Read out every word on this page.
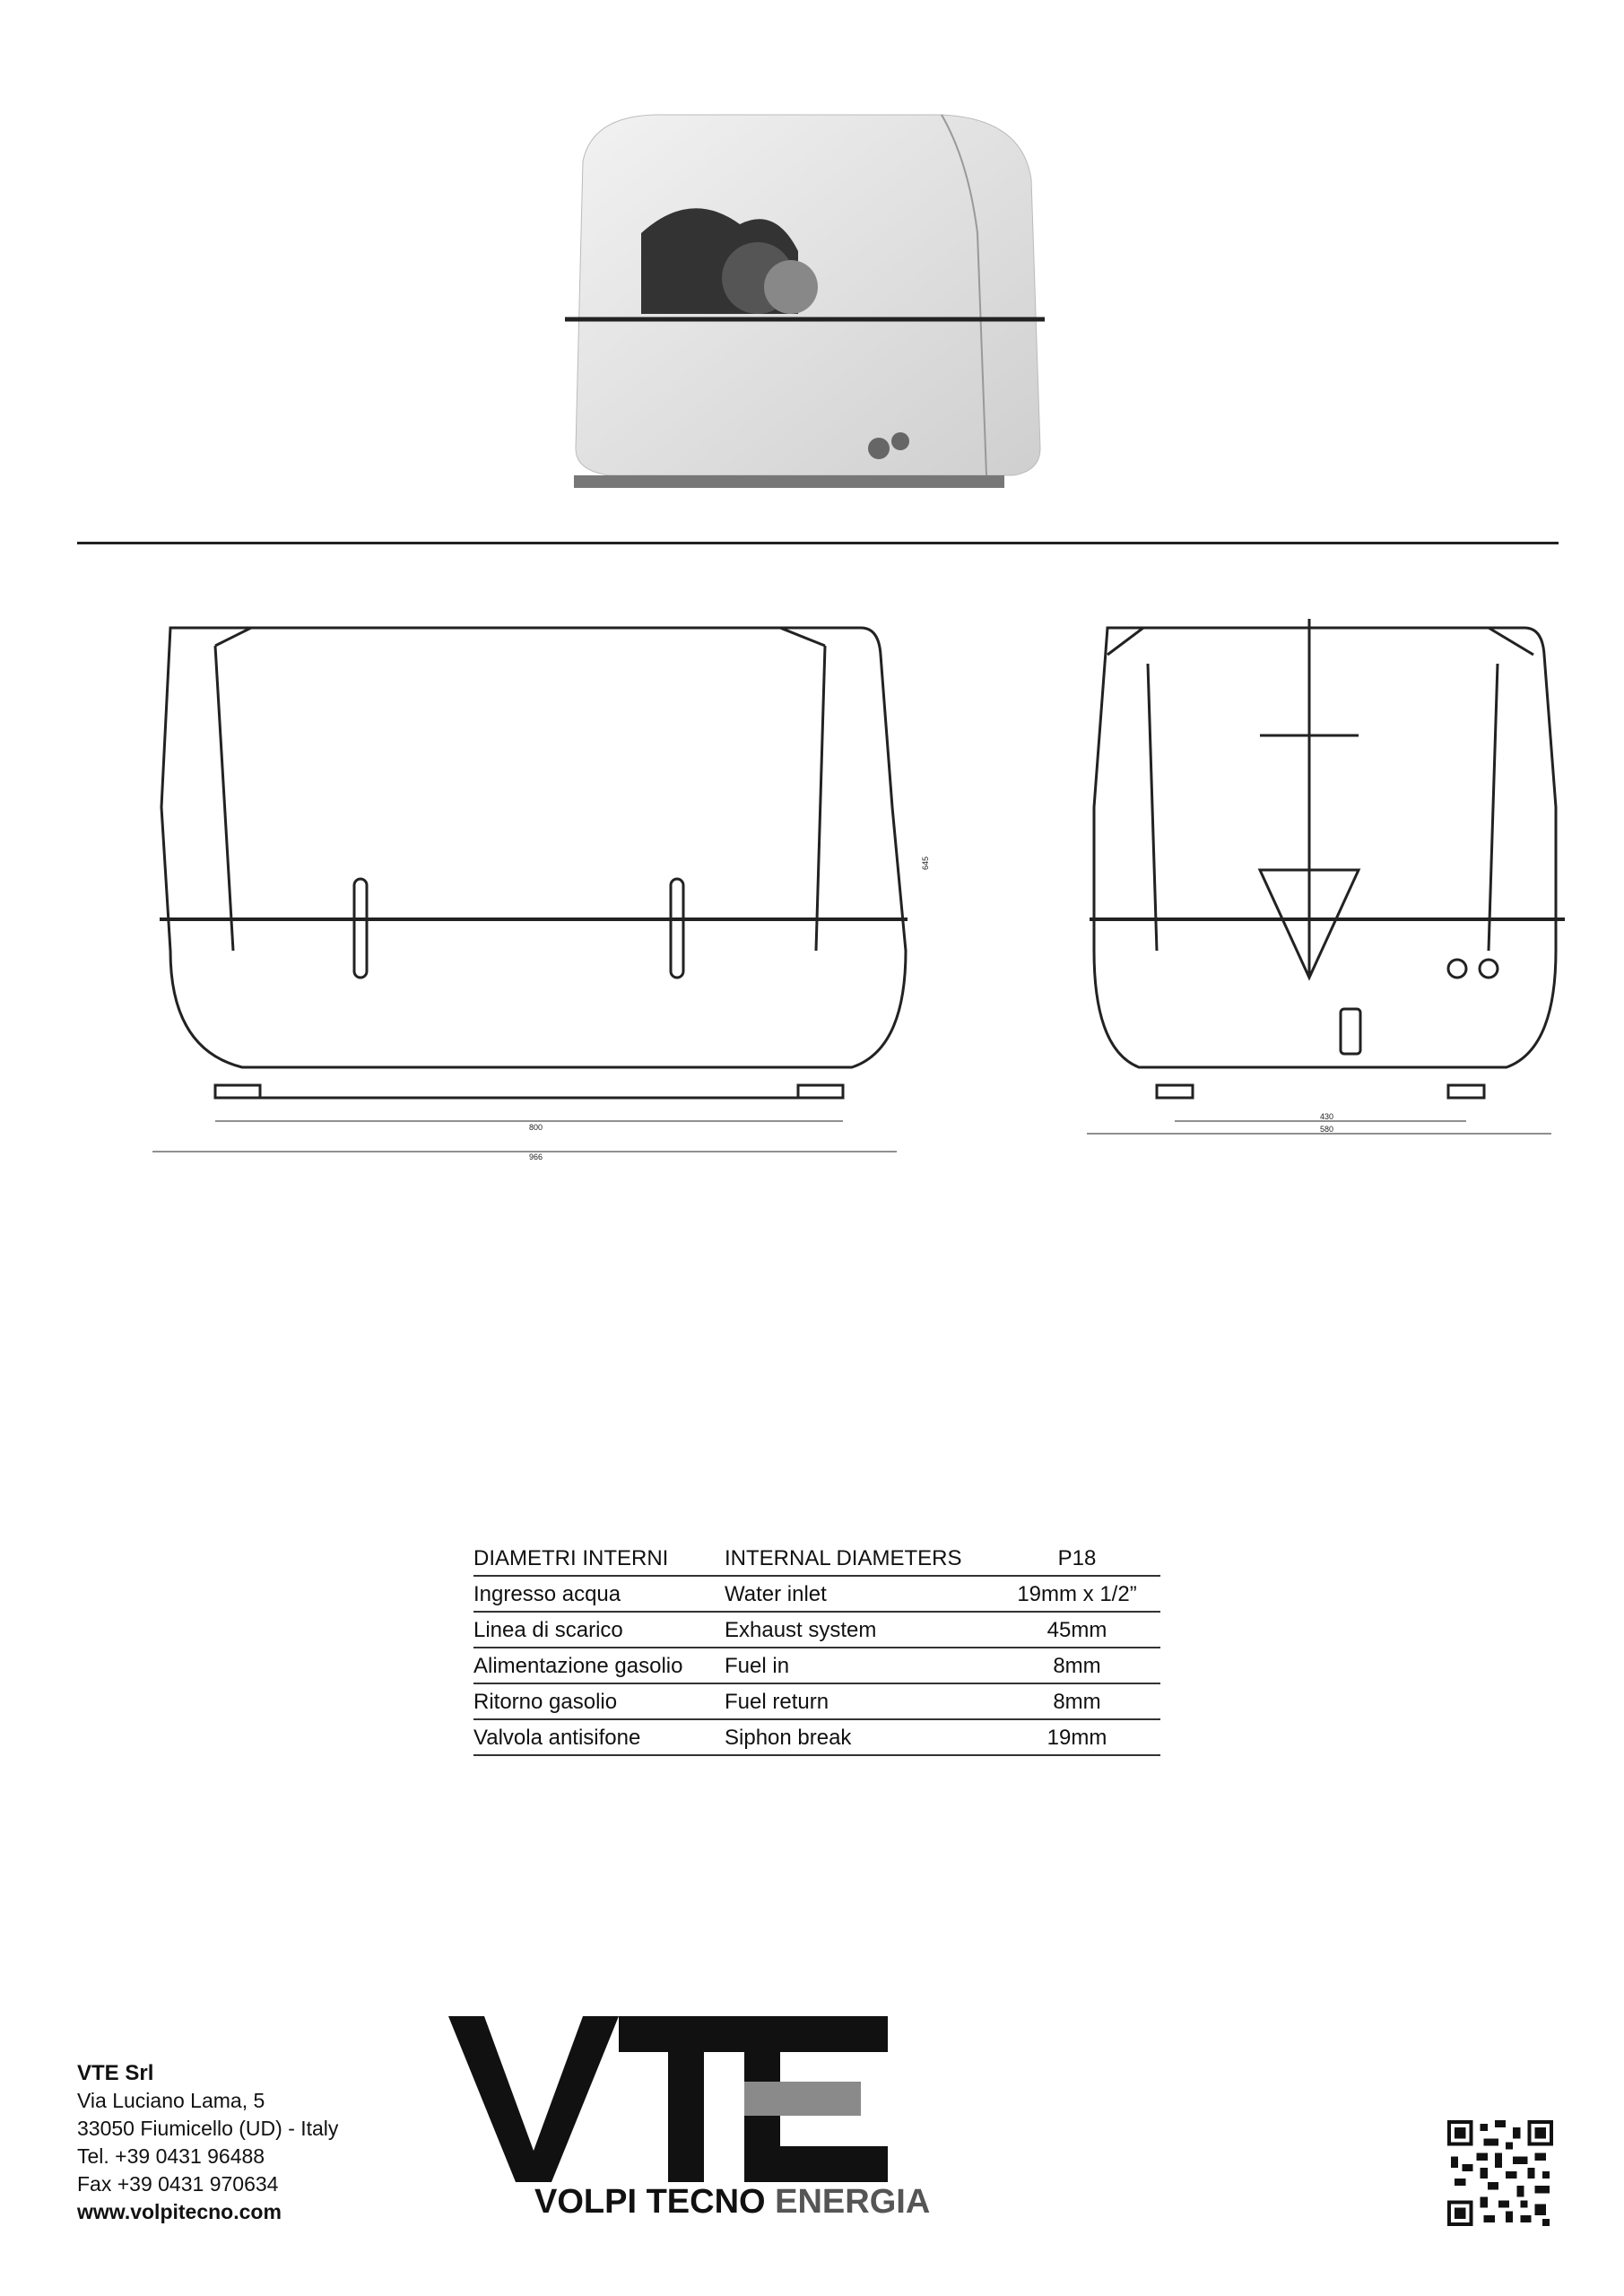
800
966
645
430
580
DIAMETRI INTERNI	INTERNAL DIAMETERS	P18
Ingresso acqua	Water inlet	19mm x 1/2”
Linea di scarico	Exhaust system	45mm
Alimentazione gasolio	Fuel in	8mm
Ritorno gasolio	Fuel return	8mm
Valvola antisifone	Siphon break	19mm
VTE Srl
Via Luciano Lama, 5
33050 Fiumicello (UD) - Italy
Tel. +39 0431 96488
Fax +39 0431 970634
www.volpitecno.com	VOLPI TECNO ENERGIA
